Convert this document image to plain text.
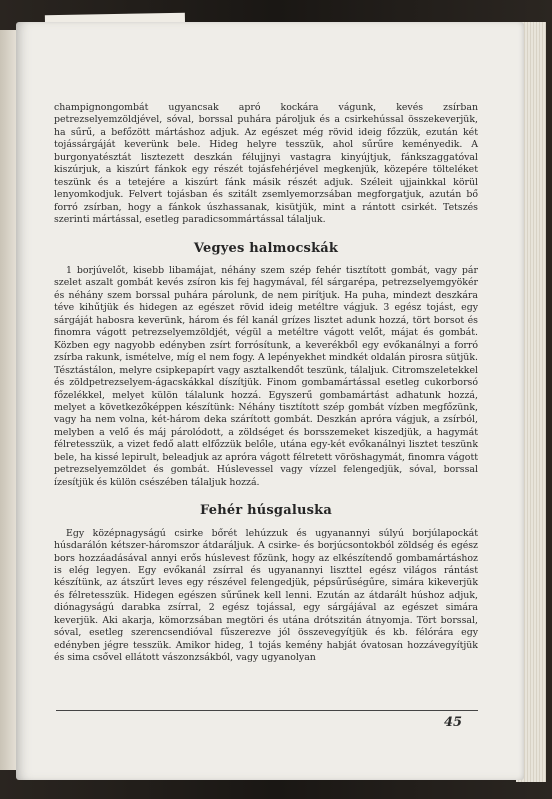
champignongombát ugyancsak apró kockára vágunk, kevés zsírban petrezselyemzöldjével, sóval, borssal puhára pároljuk és a csirkehússal összekeverjük, ha sűrű, a befőzött mártáshoz adjuk. Az egészet még rövid ideig főzzük, ezután két tojássárgáját keverünk bele. Hideg helyre tesszük, ahol sűrűre keményedik. A burgonyatésztát lisztezett deszkán félujjnyi vastagra kinyújtjuk, fánkszaggatóval kiszúrjuk, a kiszúrt fánkok egy részét tojásfehérjével megkenjük, közepére tölteléket teszünk és a tetejére a kiszúrt fánk másik részét adjuk. Széleit ujjainkkal körül lenyomkodjuk. Felvert tojásban és szitált zsemlyemorzsában megforgatjuk, azután bő forró zsírban, hogy a fánkok úszhassanak, kisütjük, mint a rántott csirkét. Tetszés szerinti mártással, esetleg paradicsommártással tálaljuk.

Vegyes halmocskák

1 borjúvelőt, kisebb libamájat, néhány szem szép fehér tisztított gombát, vagy pár szelet aszalt gombát kevés zsíron kis fej hagymával, fél sárgarépa, petrezselyemgyökér és néhány szem borssal puhára párolunk, de nem pirítjuk. Ha puha, mindezt deszkára téve kihűtjük és hidegen az egészet rövid ideig metéltre vágjuk. 3 egész tojást, egy sárgáját habosra keverünk, három és fél kanál grízes lisztet adunk hozzá, tört borsot és finomra vágott petrezselyemzöldjét, végül a metéltre vágott velőt, májat és gombát. Közben egy nagyobb edényben zsírt forrósítunk, a keverékből egy evőkanálnyi a forró zsírba rakunk, ismételve, míg el nem fogy. A lepényekhet mindkét oldalán pirosra sütjük. Tésztástálon, melyre csipkepapírt vagy asztalkendőt teszünk, tálaljuk. Citromszeletekkel és zöldpetrezselyem-ágacskákkal díszítjük. Finom gombamártással esetleg cukorborsó főzelékkel, melyet külön tálalunk hozzá. Egyszerű gombamártást adhatunk hozzá, melyet a következőképpen készítünk: Néhány tisztított szép gombát vízben megfőzünk, vagy ha nem volna, két-három deka szárított gombát. Deszkán apróra vágjuk, a zsírból, melyben a velő és máj párolódott, a zöldséget és borsszemeket kiszedjük, a hagymát félretesszük, a vizet fedő alatt elfőzzük belőle, utána egy-két evőkanálnyi lisztet teszünk bele, ha kissé lepirult, beleadjuk az apróra vágott félretett vöröshagymát, finomra vágott petrezselyemzöldet és gombát. Húslevessel vagy vízzel felengedjük, sóval, borssal ízesítjük és külön csészében tálaljuk hozzá.

Fehér húsgaluska

Egy középnagyságú csirke bőrét lehúzzuk és ugyanannyi súlyú borjúlapockát húsdarálón kétszer-háromszor átdaráljuk. A csirke- és borjúcsontokból zöldség és egész bors hozzáadásával annyi erős húslevest főzünk, hogy az elkészítendő gombamártáshoz is elég legyen. Egy evőkanál zsírral és ugyanannyi liszttel egész világos rántást készítünk, az átszűrt leves egy részével felengedjük, pépsűrűségűre, simára kikeverjük és félretesszük. Hidegen egészen sűrűnek kell lenni. Ezután az átdarált húshoz adjuk, diónagyságú darabka zsírral, 2 egész tojással, egy sárgájával az egészet simára keverjük. Aki akarja, kömorzsában megtöri és utána drótszitán átnyomja. Tört borssal, sóval, esetleg szerencsendióval fűszerezve jól összevegyítjük és kb. félórára egy edényben jégre tesszük. Amikor hideg, 1 tojás kemény habját óvatosan hozzávegyítjük és sima csővel ellátott vászonzsákból, vagy ugyanolyan

45
